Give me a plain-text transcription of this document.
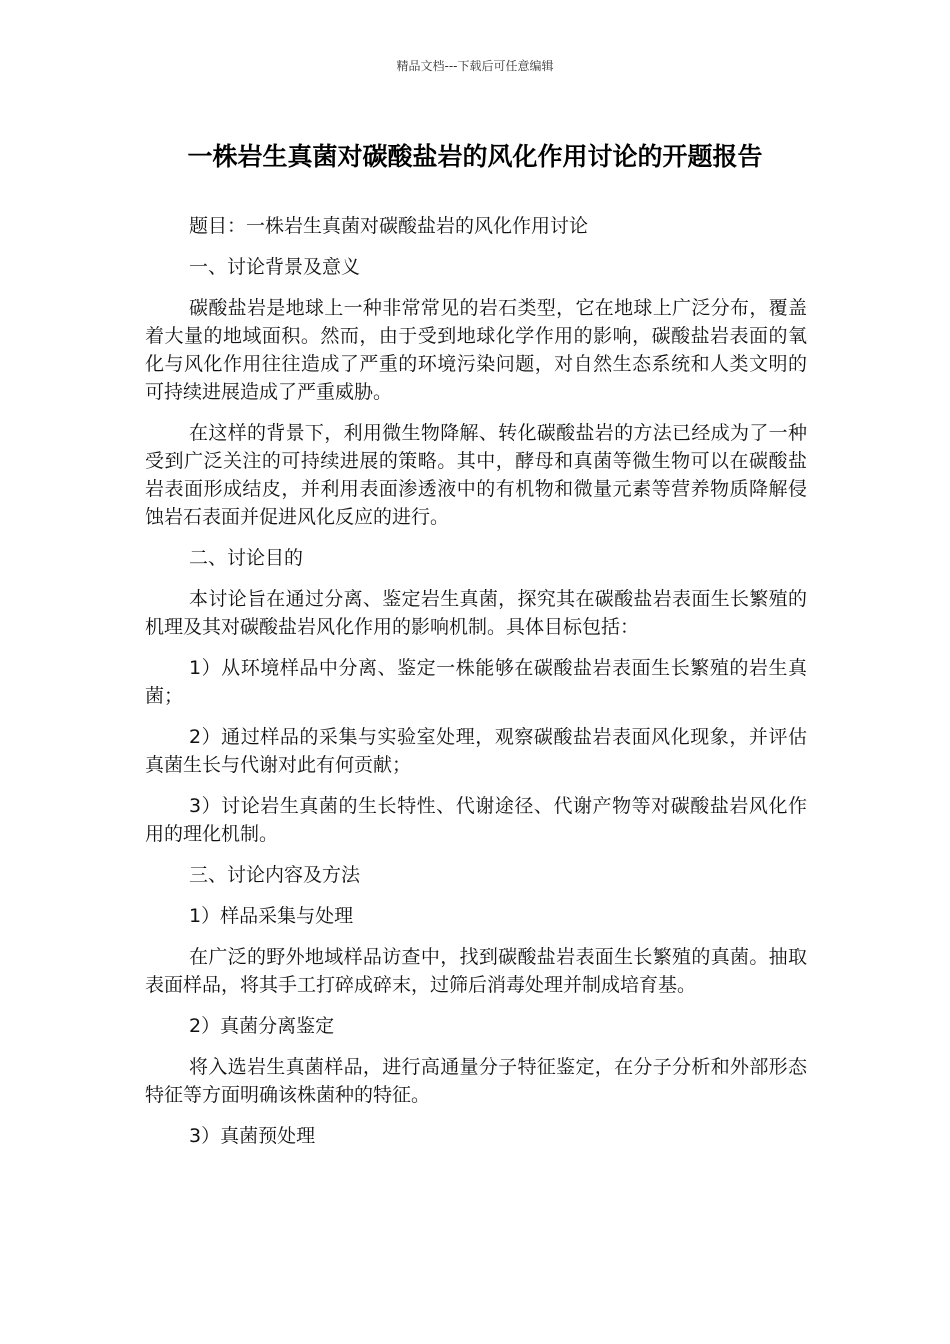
精品文档---下载后可任意编辑
一株岩生真菌对碳酸盐岩的风化作用讨论的开题报告

题目：一株岩生真菌对碳酸盐岩的风化作用讨论

一、讨论背景及意义

碳酸盐岩是地球上一种非常常见的岩石类型，它在地球上广泛分布，覆盖着大量的地域面积。然而，由于受到地球化学作用的影响，碳酸盐岩表面的氧化与风化作用往往造成了严重的环境污染问题，对自然生态系统和人类文明的可持续进展造成了严重威胁。

在这样的背景下，利用微生物降解、转化碳酸盐岩的方法已经成为了一种受到广泛关注的可持续进展的策略。其中，酵母和真菌等微生物可以在碳酸盐岩表面形成结皮，并利用表面渗透液中的有机物和微量元素等营养物质降解侵蚀岩石表面并促进风化反应的进行。

二、讨论目的

本讨论旨在通过分离、鉴定岩生真菌，探究其在碳酸盐岩表面生长繁殖的机理及其对碳酸盐岩风化作用的影响机制。具体目标包括：

1）从环境样品中分离、鉴定一株能够在碳酸盐岩表面生长繁殖的岩生真菌；

2）通过样品的采集与实验室处理，观察碳酸盐岩表面风化现象，并评估真菌生长与代谢对此有何贡献；

3）讨论岩生真菌的生长特性、代谢途径、代谢产物等对碳酸盐岩风化作用的理化机制。

三、讨论内容及方法

1）样品采集与处理

在广泛的野外地域样品访查中，找到碳酸盐岩表面生长繁殖的真菌。抽取表面样品，将其手工打碎成碎末，过筛后消毒处理并制成培育基。

2）真菌分离鉴定

将入选岩生真菌样品，进行高通量分子特征鉴定，在分子分析和外部形态特征等方面明确该株菌种的特征。

3）真菌预处理
